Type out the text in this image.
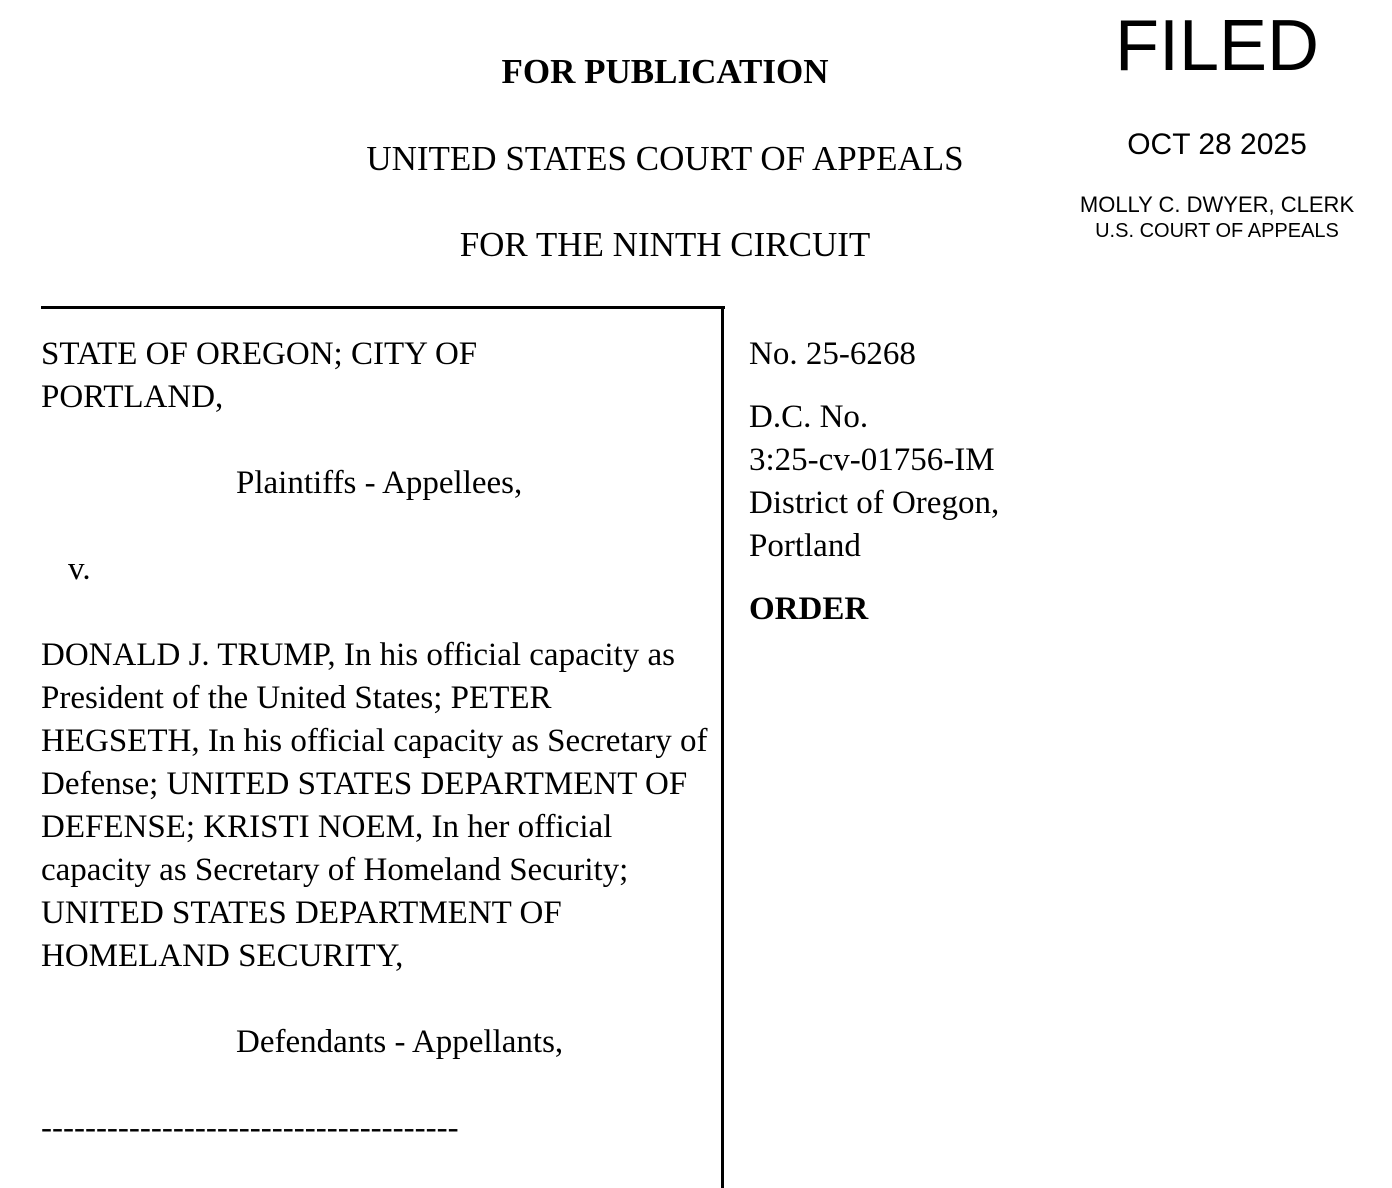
FOR PUBLICATION
UNITED STATES COURT OF APPEALS
FOR THE NINTH CIRCUIT
FILED
OCT 28 2025
MOLLY C. DWYER, CLERK
U.S. COURT OF APPEALS
STATE OF OREGON; CITY OF PORTLAND,
Plaintiffs - Appellees,
v.
DONALD J. TRUMP, In his official capacity as President of the United States; PETER HEGSETH, In his official capacity as Secretary of Defense; UNITED STATES DEPARTMENT OF DEFENSE; KRISTI NOEM, In her official capacity as Secretary of Homeland Security; UNITED STATES DEPARTMENT OF HOMELAND SECURITY,
Defendants - Appellants,
--------------------------------------
No. 25-6268
D.C. No.
3:25-cv-01756-IM
District of Oregon,
Portland
ORDER
